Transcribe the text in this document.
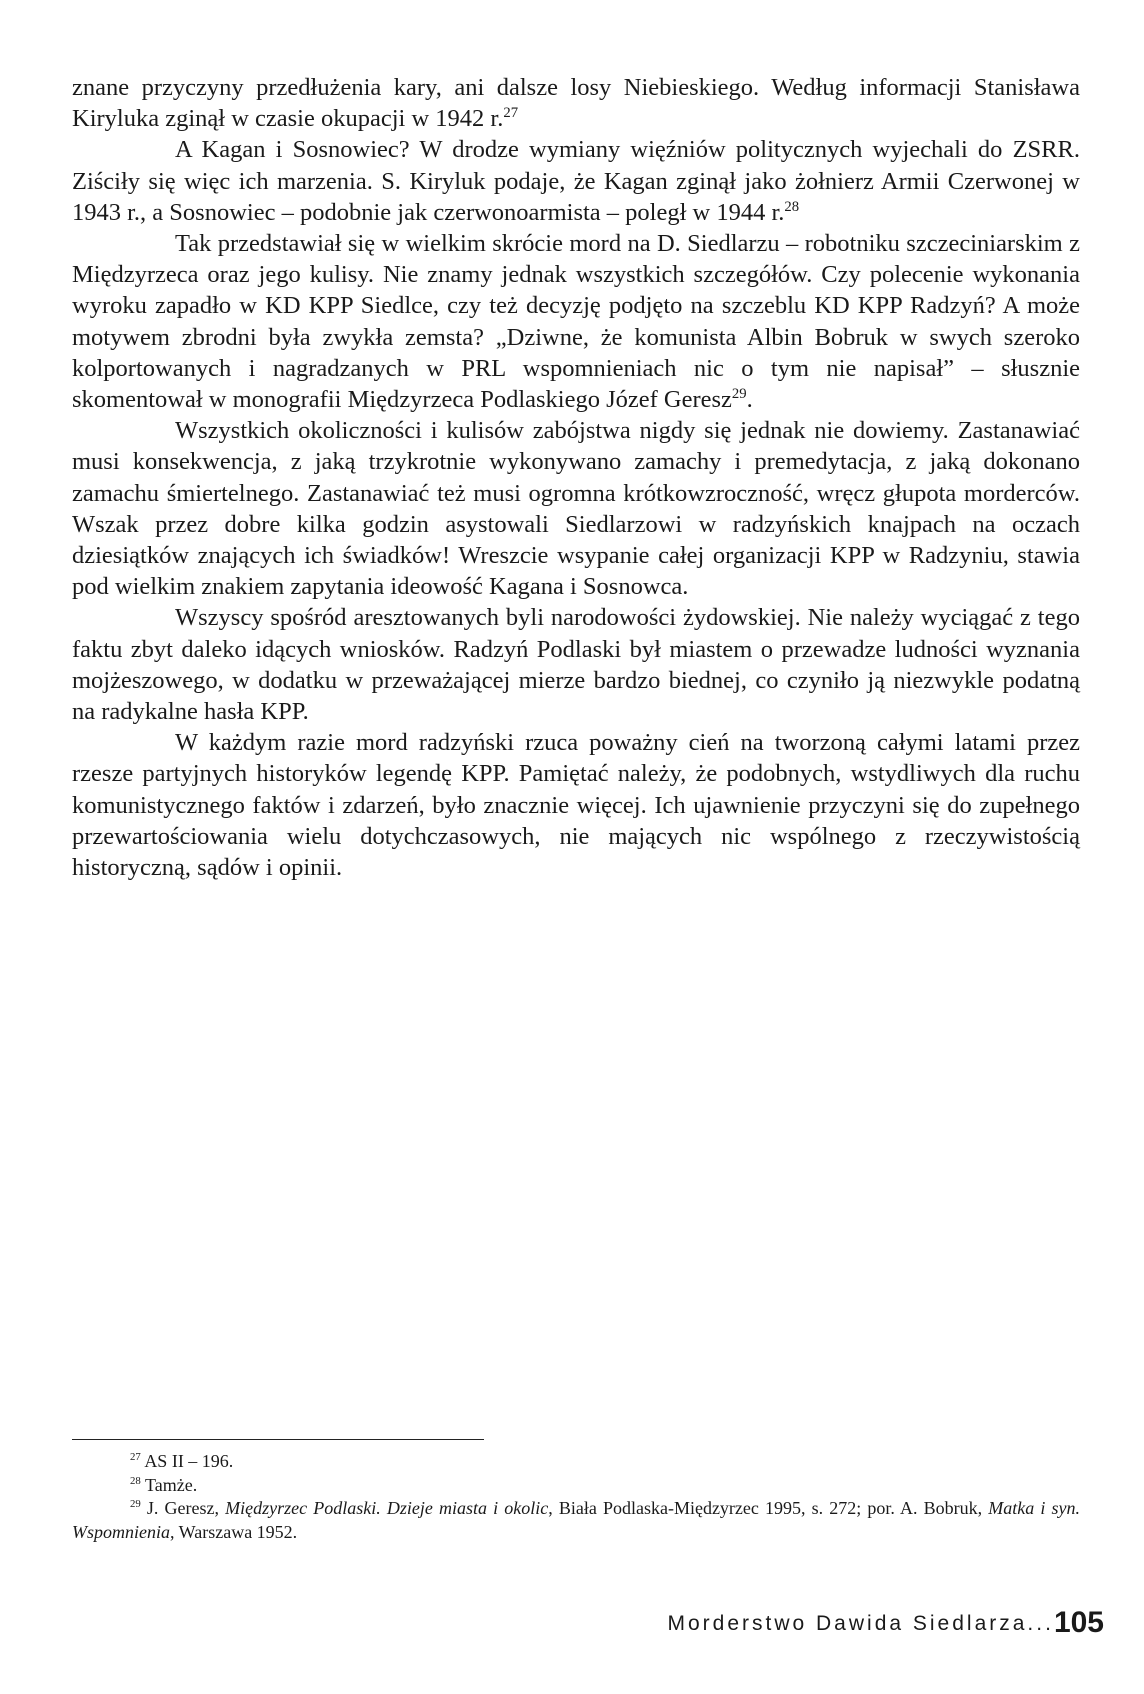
znane przyczyny przedłużenia kary, ani dalsze losy Niebieskiego. Według informacji Stanisława Kiryluka zginął w czasie okupacji w 1942 r.$^{27}$

A Kagan i Sosnowiec? W drodze wymiany więźniów politycznych wyjechali do ZSRR. Ziściły się więc ich marzenia. S. Kiryluk podaje, że Kagan zginął jako żołnierz Armii Czerwonej w 1943 r., a Sosnowiec – podobnie jak czerwonoarmista – poległ w 1944 r.$^{28}$

Tak przedstawiał się w wielkim skrócie mord na D. Siedlarzu – robotniku szczeciniarskim z Międzyrzeca oraz jego kulisy. Nie znamy jednak wszystkich szczegółów. Czy polecenie wykonania wyroku zapadło w KD KPP Siedlce, czy też decyzję podjęto na szczeblu KD KPP Radzyń? A może motywem zbrodni była zwykła zemsta? „Dziwne, że komunista Albin Bobruk w swych szeroko kolportowanych i nagradzanych w PRL wspomnieniach nic o tym nie napisał” – słusznie skomentował w monografii Międzyrzeca Podlaskiego Józef Geresz$^{29}$.

Wszystkich okoliczności i kulisów zabójstwa nigdy się jednak nie dowiemy. Zastanawiać musi konsekwencja, z jaką trzykrotnie wykonywano zamachy i premedytacja, z jaką dokonano zamachu śmiertelnego. Zastanawiać też musi ogromna krótkowzroczność, wręcz głupota morderców. Wszak przez dobre kilka godzin asystowali Siedlarzowi w radzyńskich knajpach na oczach dziesiątków znających ich świadków! Wreszcie wsypanie całej organizacji KPP w Radzyniu, stawia pod wielkim znakiem zapytania ideowość Kagana i Sosnowca.

Wszyscy spośród aresztowanych byli narodowości żydowskiej. Nie należy wyciągać z tego faktu zbyt daleko idących wniosków. Radzyń Podlaski był miastem o przewadze ludności wyznania mojżeszowego, w dodatku w przeważającej mierze bardzo biednej, co czyniło ją niezwykle podatną na radykalne hasła KPP.

W każdym razie mord radzyński rzuca poważny cień na tworzoną całymi latami przez rzesze partyjnych historyków legendę KPP. Pamiętać należy, że podobnych, wstydliwych dla ruchu komunistycznego faktów i zdarzeń, było znacznie więcej. Ich ujawnienie przyczyni się do zupełnego przewartościowania wielu dotychczasowych, nie mających nic wspólnego z rzeczywistością historyczną, sądów i opinii.

$^{27}$ AS II – 196.

$^{28}$ Tamże.

$^{29}$ J. Geresz, Międzyrzec Podlaski. Dzieje miasta i okolic, Biała Podlaska-Międzyrzec 1995, s. 272; por. A. Bobruk, Matka i syn. Wspomnienia, Warszawa 1952.

Morderstwo Dawida Siedlarza...105
